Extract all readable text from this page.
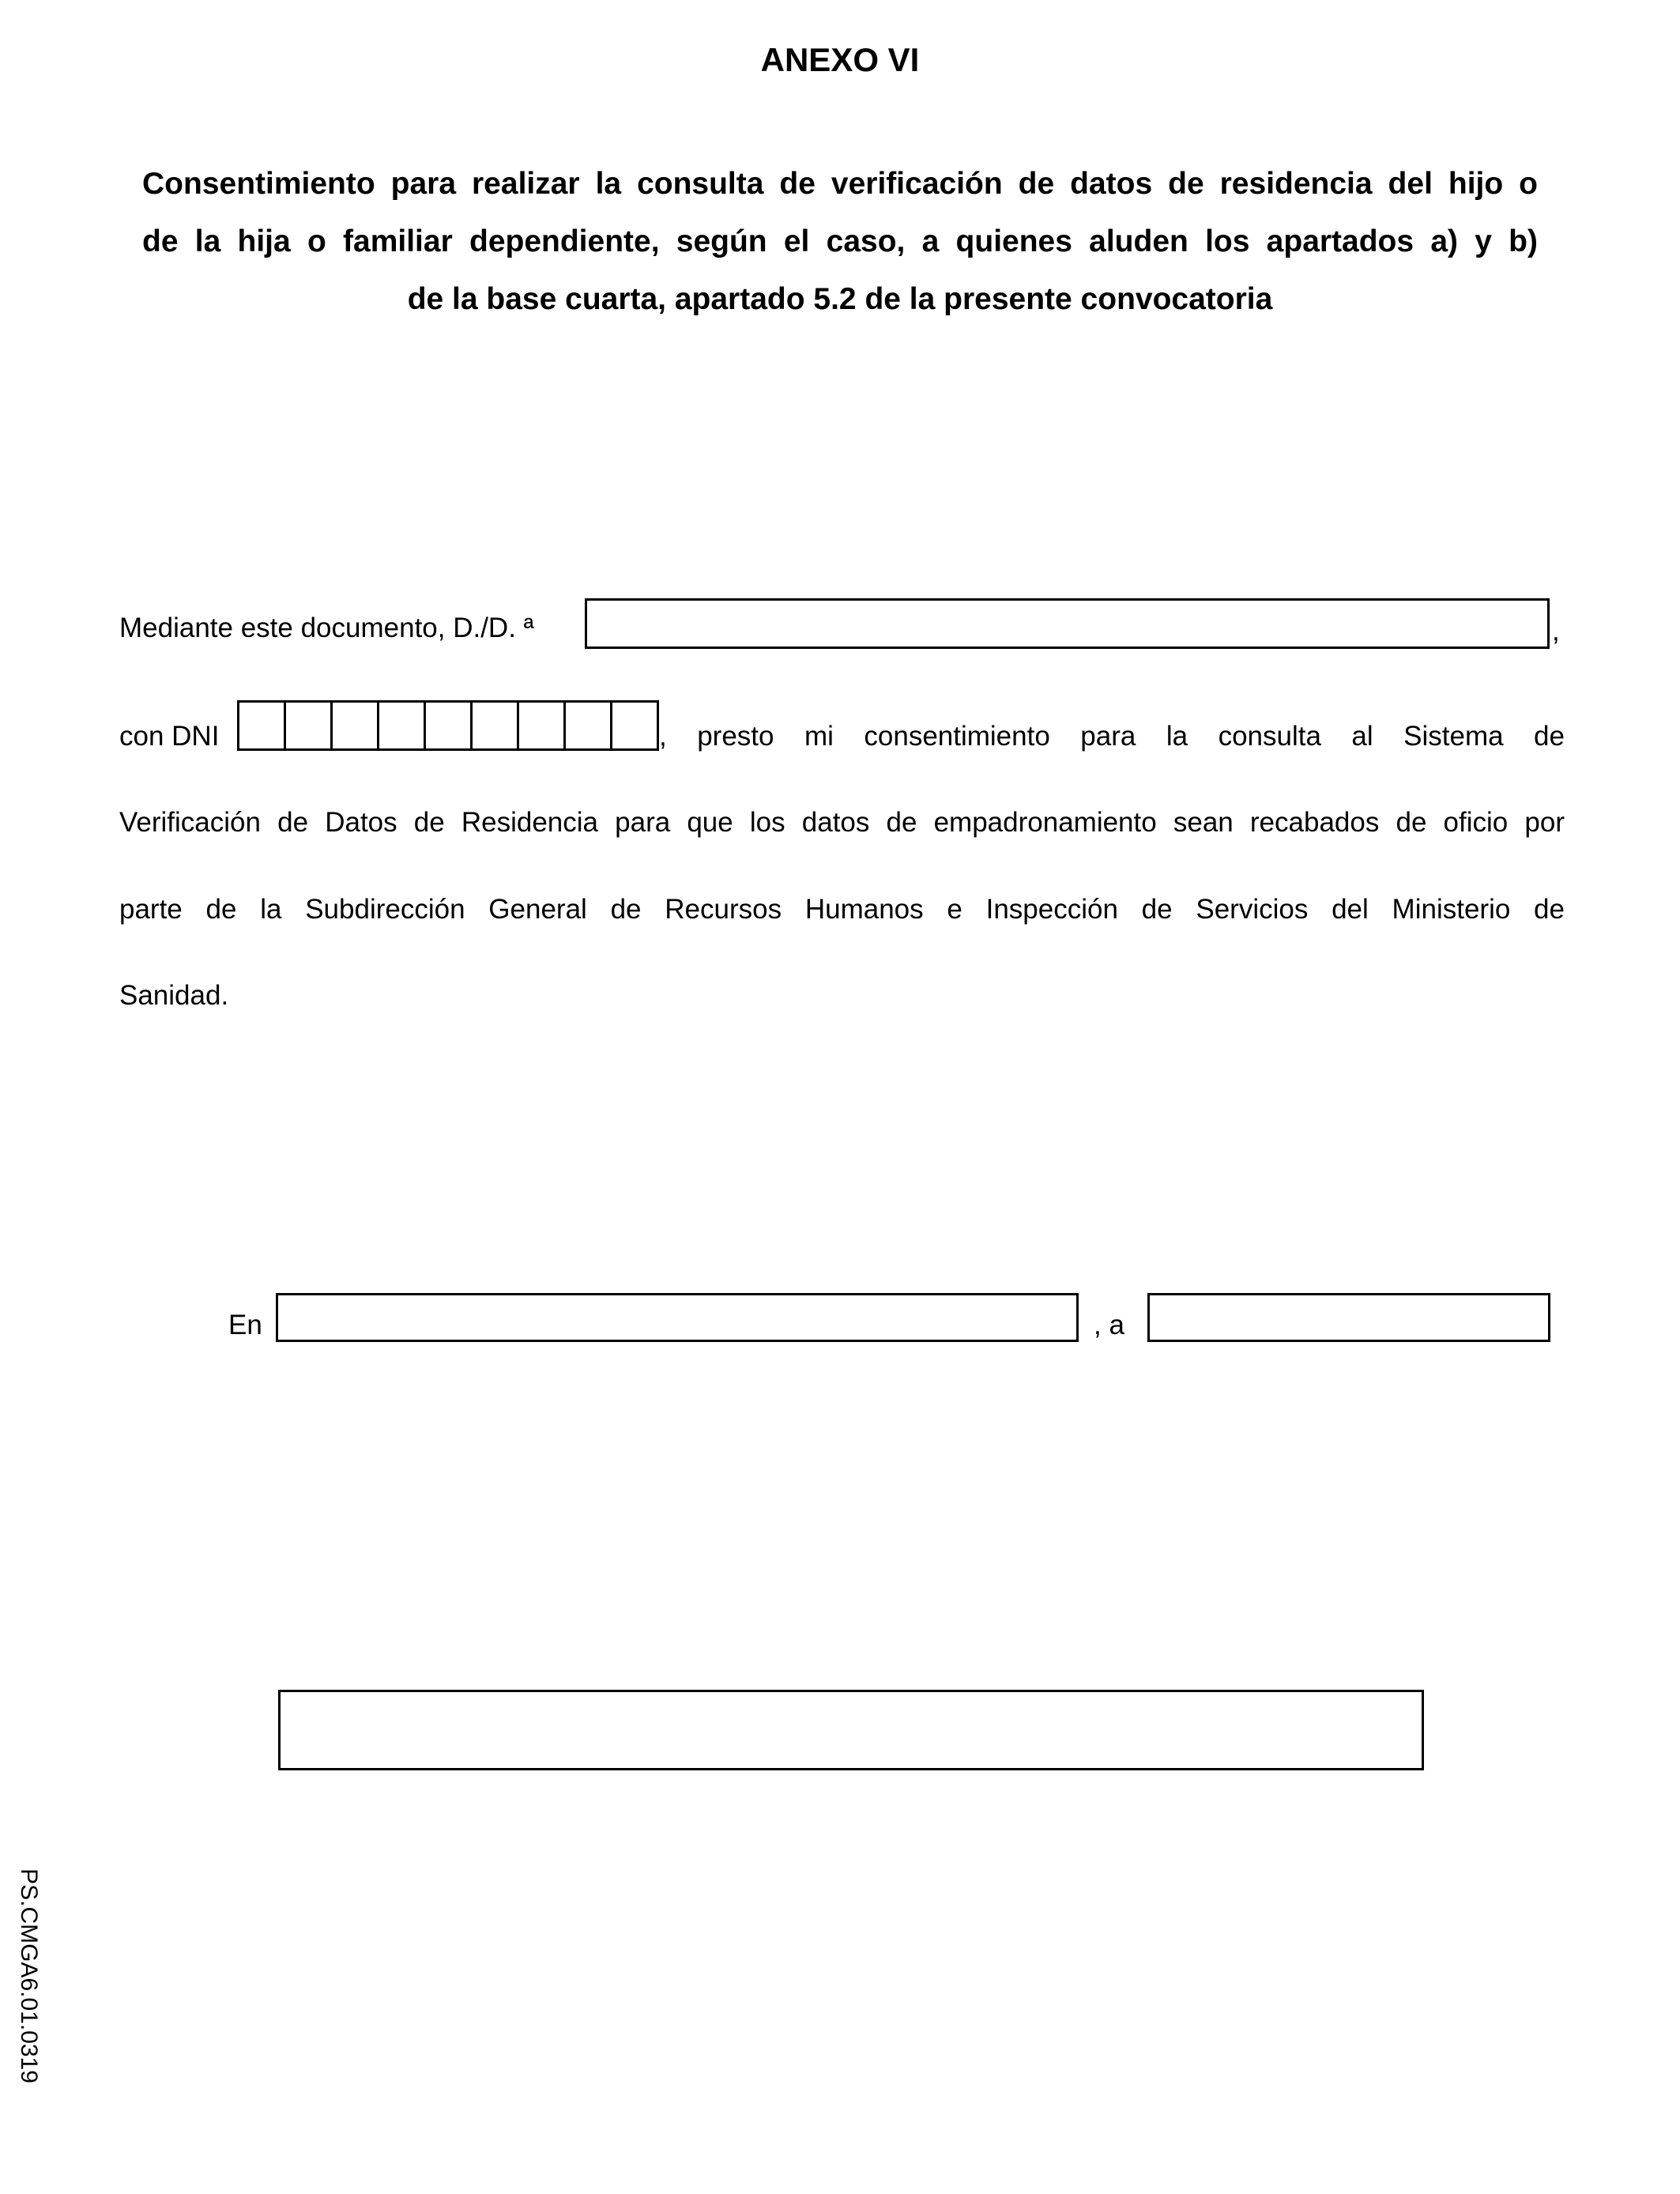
ANEXO VI

Consentimiento para realizar la consulta de verificación de datos de residencia del hijo o
de la hija o familiar dependiente, según el caso, a quienes aluden los apartados a) y b)
de la base cuarta, apartado 5.2 de la presente convocatoria

Mediante este documento, D./D. ª	,
con DNI	, presto mi consentimiento para la consulta al Sistema de
Verificación de Datos de Residencia para que los datos de empadronamiento sean recabados de oficio por
parte de la Subdirección General de Recursos Humanos e Inspección de Servicios del Ministerio de
Sanidad.
En	, a
PS.CMGA6.01.0319
